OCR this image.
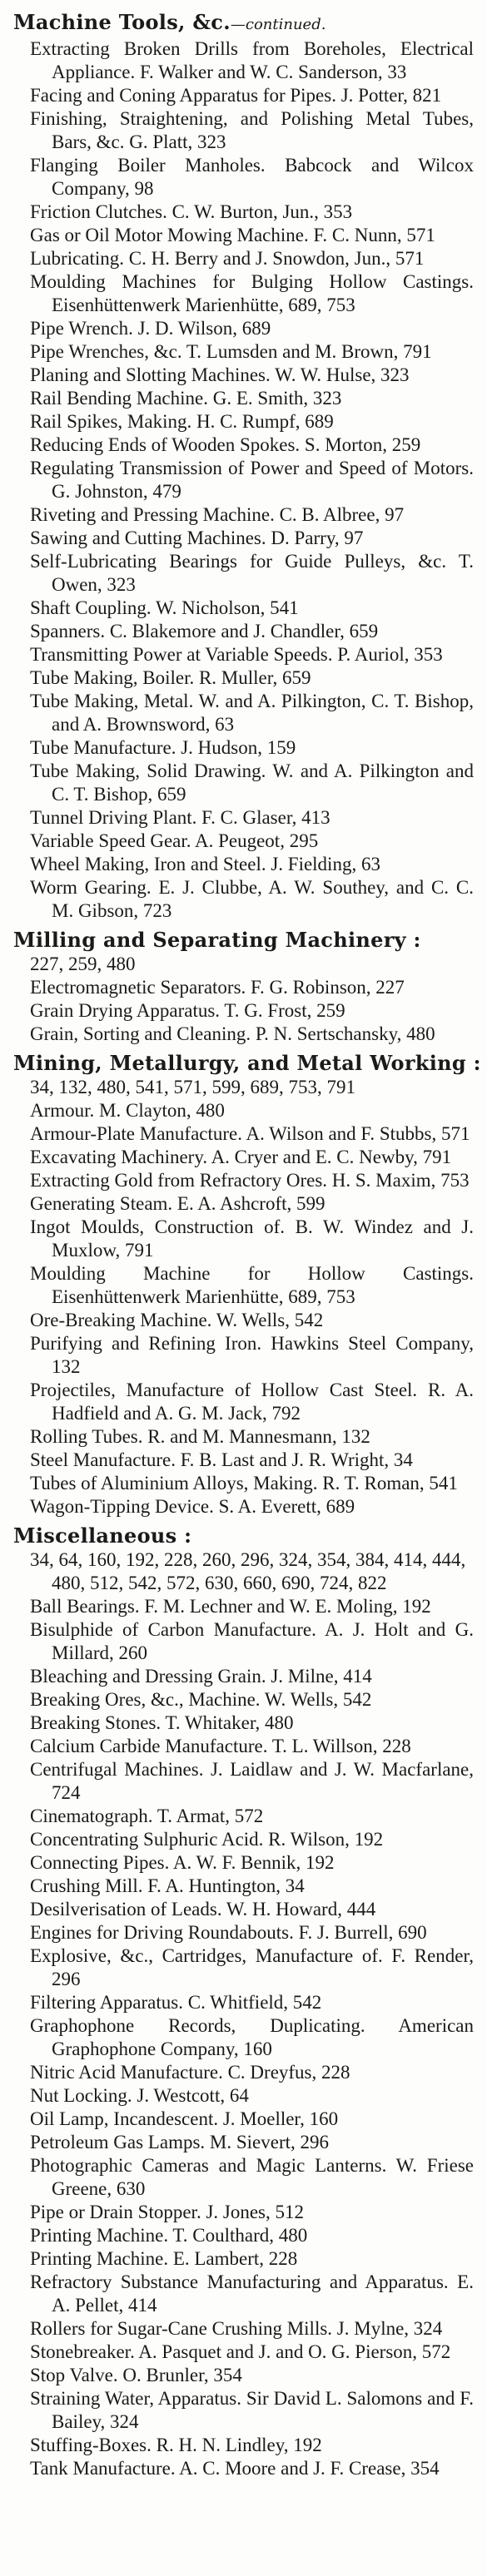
Machine Tools, &c.—continued.
Extracting Broken Drills from Boreholes, Electrical Appliance. F. Walker and W. C. Sanderson, 33
Facing and Coning Apparatus for Pipes. J. Potter, 821
Finishing, Straightening, and Polishing Metal Tubes, Bars, &c. G. Platt, 323
Flanging Boiler Manholes. Babcock and Wilcox Company, 98
Friction Clutches. C. W. Burton, Jun., 353
Gas or Oil Motor Mowing Machine. F. C. Nunn, 571
Lubricating. C. H. Berry and J. Snowdon, Jun., 571
Moulding Machines for Bulging Hollow Castings. Eisenhüttenwerk Marienhütte, 689, 753
Pipe Wrench. J. D. Wilson, 689
Pipe Wrenches, &c. T. Lumsden and M. Brown, 791
Planing and Slotting Machines. W. W. Hulse, 323
Rail Bending Machine. G. E. Smith, 323
Rail Spikes, Making. H. C. Rumpf, 689
Reducing Ends of Wooden Spokes. S. Morton, 259
Regulating Transmission of Power and Speed of Motors. G. Johnston, 479
Riveting and Pressing Machine. C. B. Albree, 97
Sawing and Cutting Machines. D. Parry, 97
Self-Lubricating Bearings for Guide Pulleys, &c. T. Owen, 323
Shaft Coupling. W. Nicholson, 541
Spanners. C. Blakemore and J. Chandler, 659
Transmitting Power at Variable Speeds. P. Auriol, 353
Tube Making, Boiler. R. Muller, 659
Tube Making, Metal. W. and A. Pilkington, C. T. Bishop, and A. Brownsword, 63
Tube Manufacture. J. Hudson, 159
Tube Making, Solid Drawing. W. and A. Pilkington and C. T. Bishop, 659
Tunnel Driving Plant. F. C. Glaser, 413
Variable Speed Gear. A. Peugeot, 295
Wheel Making, Iron and Steel. J. Fielding, 63
Worm Gearing. E. J. Clubbe, A. W. Southey, and C. C. M. Gibson, 723
Milling and Separating Machinery :
227, 259, 480
Electromagnetic Separators. F. G. Robinson, 227
Grain Drying Apparatus. T. G. Frost, 259
Grain, Sorting and Cleaning. P. N. Sertschansky, 480
Mining, Metallurgy, and Metal Working :
34, 132, 480, 541, 571, 599, 689, 753, 791
Armour. M. Clayton, 480
Armour-Plate Manufacture. A. Wilson and F. Stubbs, 571
Excavating Machinery. A. Cryer and E. C. Newby, 791
Extracting Gold from Refractory Ores. H. S. Maxim, 753
Generating Steam. E. A. Ashcroft, 599
Ingot Moulds, Construction of. B. W. Windez and J. Muxlow, 791
Moulding Machine for Hollow Castings. Eisenhüttenwerk Marienhütte, 689, 753
Ore-Breaking Machine. W. Wells, 542
Purifying and Refining Iron. Hawkins Steel Company, 132
Projectiles, Manufacture of Hollow Cast Steel. R. A. Hadfield and A. G. M. Jack, 792
Rolling Tubes. R. and M. Mannesmann, 132
Steel Manufacture. F. B. Last and J. R. Wright, 34
Tubes of Aluminium Alloys, Making. R. T. Roman, 541
Wagon-Tipping Device. S. A. Everett, 689
Miscellaneous :
34, 64, 160, 192, 228, 260, 296, 324, 354, 384, 414, 444, 480, 512, 542, 572, 630, 660, 690, 724, 822
Ball Bearings. F. M. Lechner and W. E. Moling, 192
Bisulphide of Carbon Manufacture. A. J. Holt and G. Millard, 260
Bleaching and Dressing Grain. J. Milne, 414
Breaking Ores, &c., Machine. W. Wells, 542
Breaking Stones. T. Whitaker, 480
Calcium Carbide Manufacture. T. L. Willson, 228
Centrifugal Machines. J. Laidlaw and J. W. Macfarlane, 724
Cinematograph. T. Armat, 572
Concentrating Sulphuric Acid. R. Wilson, 192
Connecting Pipes. A. W. F. Bennik, 192
Crushing Mill. F. A. Huntington, 34
Desilverisation of Leads. W. H. Howard, 444
Engines for Driving Roundabouts. F. J. Burrell, 690
Explosive, &c., Cartridges, Manufacture of. F. Render, 296
Filtering Apparatus. C. Whitfield, 542
Graphophone Records, Duplicating. American Graphophone Company, 160
Nitric Acid Manufacture. C. Dreyfus, 228
Nut Locking. J. Westcott, 64
Oil Lamp, Incandescent. J. Moeller, 160
Petroleum Gas Lamps. M. Sievert, 296
Photographic Cameras and Magic Lanterns. W. Friese Greene, 630
Pipe or Drain Stopper. J. Jones, 512
Printing Machine. T. Coulthard, 480
Printing Machine. E. Lambert, 228
Refractory Substance Manufacturing and Apparatus. E. A. Pellet, 414
Rollers for Sugar-Cane Crushing Mills. J. Mylne, 324
Stonebreaker. A. Pasquet and J. and O. G. Pierson, 572
Stop Valve. O. Brunler, 354
Straining Water, Apparatus. Sir David L. Salomons and F. Bailey, 324
Stuffing-Boxes. R. H. N. Lindley, 192
Tank Manufacture. A. C. Moore and J. F. Crease, 354
